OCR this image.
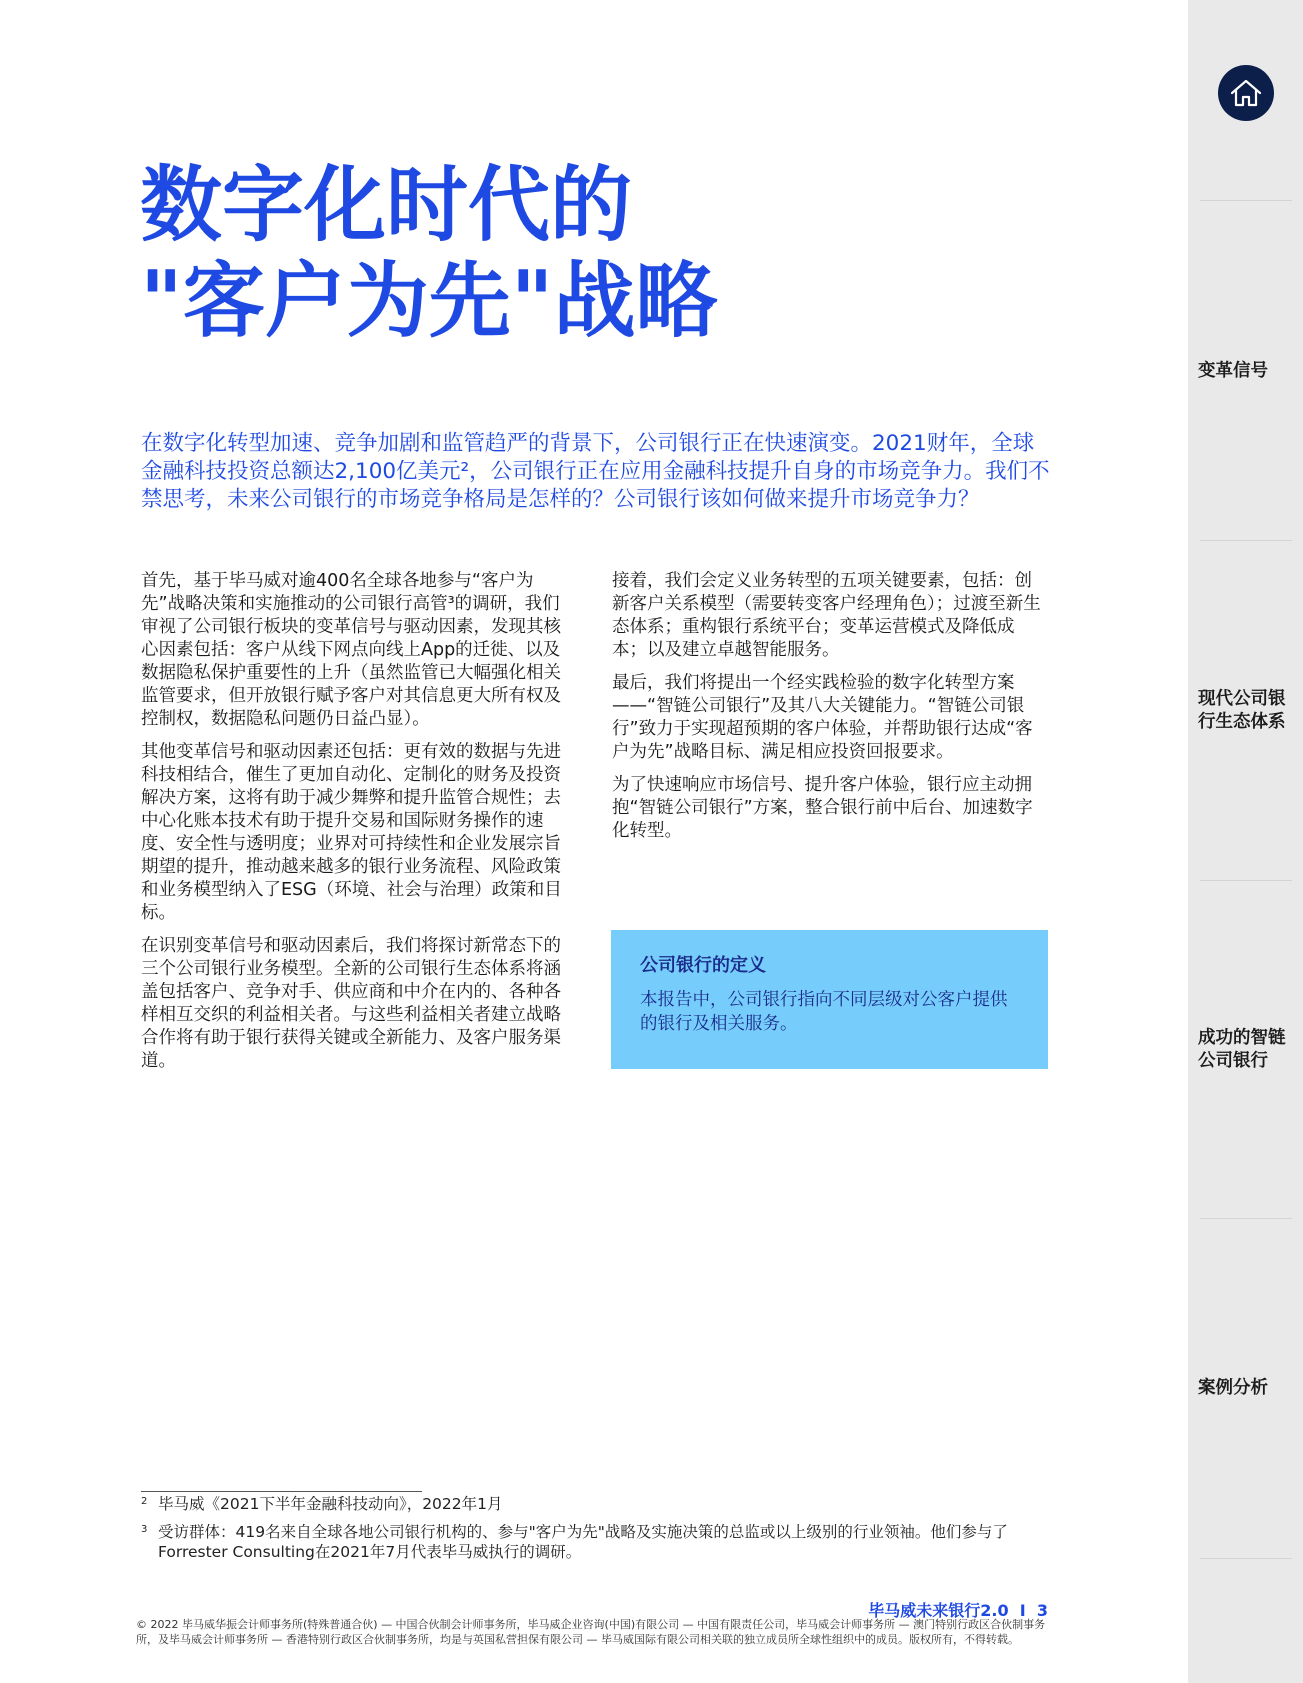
数字化时代的
"客户为先"战略

在数字化转型加速、竞争加剧和监管趋严的背景下，公司银行正在快速演变。2021财年，全球金融科技投资总额达2,100亿美元²，公司银行正在应用金融科技提升自身的市场竞争力。我们不禁思考，未来公司银行的市场竞争格局是怎样的？公司银行该如何做来提升市场竞争力？

首先，基于毕马威对逾400名全球各地参与“客户为先”战略决策和实施推动的公司银行高管³的调研，我们审视了公司银行板块的变革信号与驱动因素，发现其核心因素包括：客户从线下网点向线上App的迁徙、以及数据隐私保护重要性的上升（虽然监管已大幅强化相关监管要求，但开放银行赋予客户对其信息更大所有权及控制权，数据隐私问题仍日益凸显）。

其他变革信号和驱动因素还包括：更有效的数据与先进科技相结合，催生了更加自动化、定制化的财务及投资解决方案，这将有助于减少舞弊和提升监管合规性；去中心化账本技术有助于提升交易和国际财务操作的速度、安全性与透明度；业界对可持续性和企业发展宗旨期望的提升，推动越来越多的银行业务流程、风险政策和业务模型纳入了ESG（环境、社会与治理）政策和目标。

在识别变革信号和驱动因素后，我们将探讨新常态下的三个公司银行业务模型。全新的公司银行生态体系将涵盖包括客户、竞争对手、供应商和中介在内的、各种各样相互交织的利益相关者。与这些利益相关者建立战略合作将有助于银行获得关键或全新能力、及客户服务渠道。

接着，我们会定义业务转型的五项关键要素，包括：创新客户关系模型（需要转变客户经理角色）；过渡至新生态体系；重构银行系统平台；变革运营模式及降低成本；以及建立卓越智能服务。

最后，我们将提出一个经实践检验的数字化转型方案——“智链公司银行”及其八大关键能力。“智链公司银行”致力于实现超预期的客户体验，并帮助银行达成“客户为先”战略目标、满足相应投资回报要求。

为了快速响应市场信号、提升客户体验，银行应主动拥抱“智链公司银行”方案，整合银行前中后台、加速数字化转型。

公司银行的定义

本报告中，公司银行指向不同层级对公客户提供的银行及相关服务。

2 毕马威《2021下半年金融科技动向》，2022年1月
3 受访群体：419名来自全球各地公司银行机构的、参与"客户为先"战略及实施决策的总监或以上级别的行业领袖。他们参与了Forrester Consulting在2021年7月代表毕马威执行的调研。

毕马威未来银行2.0 I 3

© 2022 毕马威华振会计师事务所(特殊普通合伙) — 中国合伙制会计师事务所，毕马威企业咨询(中国)有限公司 — 中国有限责任公司，毕马威会计师事务所 — 澳门特别行政区合伙制事务所，及毕马威会计师事务所 — 香港特别行政区合伙制事务所，均是与英国私营担保有限公司 — 毕马威国际有限公司相关联的独立成员所全球性组织中的成员。版权所有，不得转载。

变革信号
现代公司银行生态体系
成功的智链公司银行
案例分析
